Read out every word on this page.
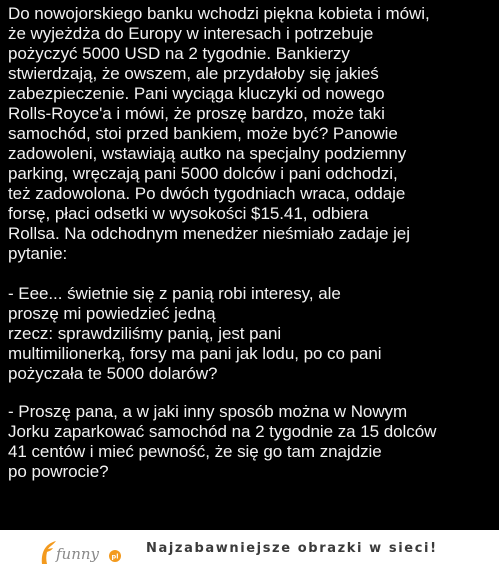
Do nowojorskiego banku wchodzi piękna kobieta i mówi,
że wyjeżdża do Europy w interesach i potrzebuje
pożyczyć 5000 USD na 2 tygodnie. Bankierzy
stwierdzają, że owszem, ale przydałoby się jakieś
zabezpieczenie. Pani wyciąga kluczyki od nowego
Rolls-Royce'a i mówi, że proszę bardzo, może taki
samochód, stoi przed bankiem, może być? Panowie
zadowoleni, wstawiają autko na specjalny podziemny
parking, wręczają pani 5000 dolców i pani odchodzi,
też zadowolona. Po dwóch tygodniach wraca, oddaje
forsę, płaci odsetki w wysokości $15.41, odbiera
Rollsa. Na odchodnym menedżer nieśmiało zadaje jej
pytanie:
- Eee... świetnie się z panią robi interesy, ale
proszę mi powiedzieć jedną
rzecz: sprawdziliśmy panią, jest pani
multimilionerką, forsy ma pani jak lodu, po co pani
pożyczała te 5000 dolarów?
- Proszę pana, a w jaki inny sposób można w Nowym
Jorku zaparkować samochód na 2 tygodnie za 15 dolców
41 centów i mieć pewność, że się go tam znajdzie
po powrocie?
funny pl
Najzabawniejsze obrazki w sieci!
